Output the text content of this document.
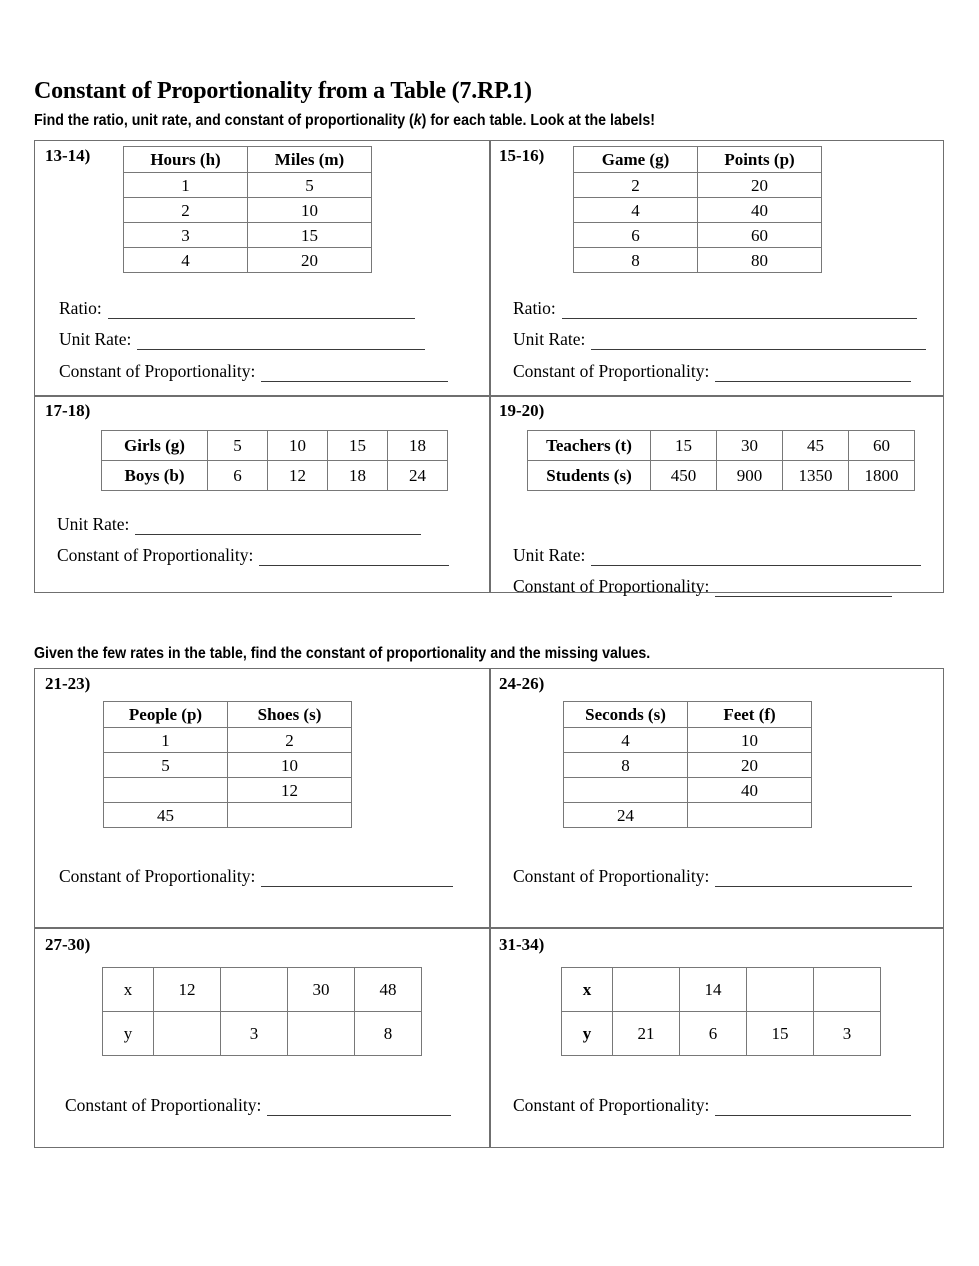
Constant of Proportionality from a Table (7.RP.1)
Find the ratio, unit rate, and constant of proportionality (k) for each table. Look at the labels!
Given the few rates in the table, find the constant of proportionality and the missing values.
13-14)	Hours (h)	Miles (m)
1	5
2	10
3	15
4	20
Ratio:
Unit Rate:
Constant of Proportionality:
15-16)	Game (g)	Points (p)
2	20
4	40
6	60
8	80
Ratio:
Unit Rate:
Constant of Proportionality:
17-18)
Girls (g)	5	10	15	18
Boys (b)	6	12	18	24
Unit Rate:
Constant of Proportionality:
19-20)
Teachers (t)	15	30	45	60
Students (s)	450	900	1350	1800
Unit Rate:
Constant of Proportionality:
21-23)
People (p)	Shoes (s)
1	2
5	10
	12
45	
Constant of Proportionality:
24-26)
Seconds (s)	Feet (f)
4	10
8	20
	40
24	
Constant of Proportionality:
27-30)
x	12		30	48
y		3		8
Constant of Proportionality:
31-34)
x		14		
y	21	6	15	3
Constant of Proportionality:
